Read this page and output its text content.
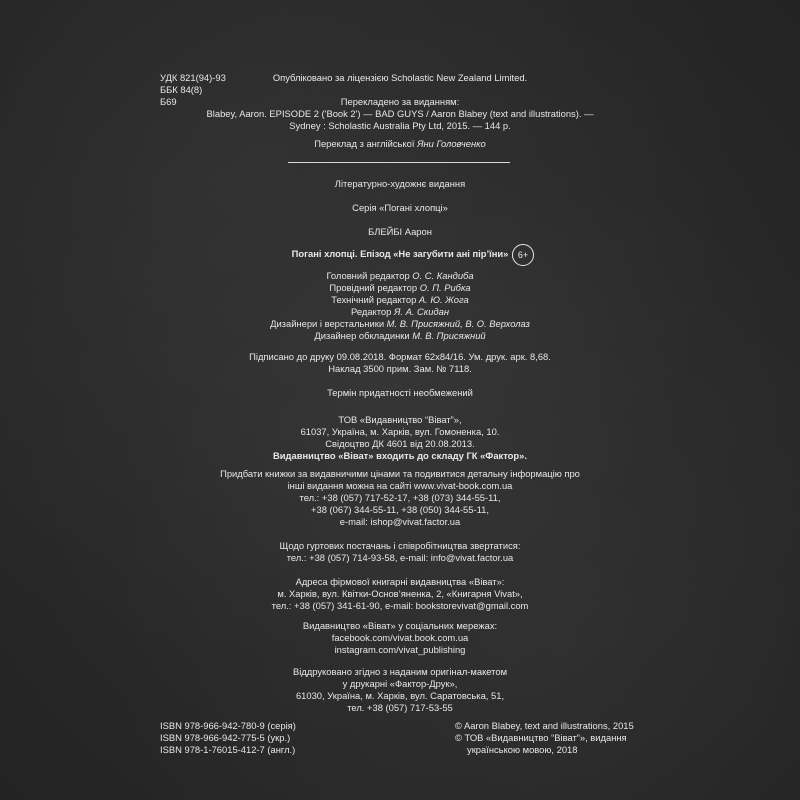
УДК 821(94)-93
ББК 84(8)
Б69
Опубліковано за ліцензією Scholastic New Zealand Limited.
Перекладено за виданням:
Blabey, Aaron. EPISODE 2 ('Book 2') — BAD GUYS / Aaron Blabey (text and illustrations). —
Sydney : Scholastic Australia Pty Ltd, 2015. — 144 p.
Переклад з англійської Яни Головченко
Літературно-художнє видання
Серія «Погані хлопці»
БЛЕЙБІ Аарон
Погані хлопці. Епізод «Не загубити ані пір’їни»	6+
Головний редактор О. С. Кандиба
Провідний редактор О. П. Рибка
Технічний редактор А. Ю. Жога
Редактор Я. А. Скидан
Дизайнери і верстальники М. В. Присяжний, В. О. Верхолаз
Дизайнер обкладинки М. В. Присяжний
Підписано до друку 09.08.2018. Формат 62x84/16. Ум. друк. арк. 8,68.
Наклад 3500 прим. Зам. № 7118.
Термін придатності необмежений
ТОВ «Видавництво “Віват”»,
61037, Україна, м. Харків, вул. Гомоненка, 10.
Свідоцтво ДК 4601 від 20.08.2013.
Видавництво «Віват» входить до складу ГК «Фактор».
Придбати книжки за видавничими цінами та подивитися детальну інформацію про
інші видання можна на сайті www.vivat-book.com.ua
тел.: +38 (057) 717-52-17, +38 (073) 344-55-11,
+38 (067) 344-55-11, +38 (050) 344-55-11,
e-mail: ishop@vivat.factor.ua
Щодо гуртових постачань і співробітництва звертатися:
тел.: +38 (057) 714-93-58, e-mail: info@vivat.factor.ua
Адреса фірмової книгарні видавництва «Віват»:
м. Харків, вул. Квітки-Основ’яненка, 2, «Книгарня Vivat»,
тел.: +38 (057) 341-61-90, e-mail: bookstorevivat@gmail.com
Видавництво «Віват» у соціальних мережах:
facebook.com/vivat.book.com.ua
instagram.com/vivat_publishing
Віддруковано згідно з наданим оригінал-макетом
у друкарні «Фактор-Друк»,
61030, Україна, м. Харків, вул. Саратовська, 51,
тел. +38 (057) 717-53-55
ISBN 978-966-942-780-9 (серія)
ISBN 978-966-942-775-5 (укр.)
ISBN 978-1-76015-412-7 (англ.)
© Aaron Blabey, text and illustrations, 2015
© ТОВ «Видавництво “Віват”», видання
українською мовою, 2018
